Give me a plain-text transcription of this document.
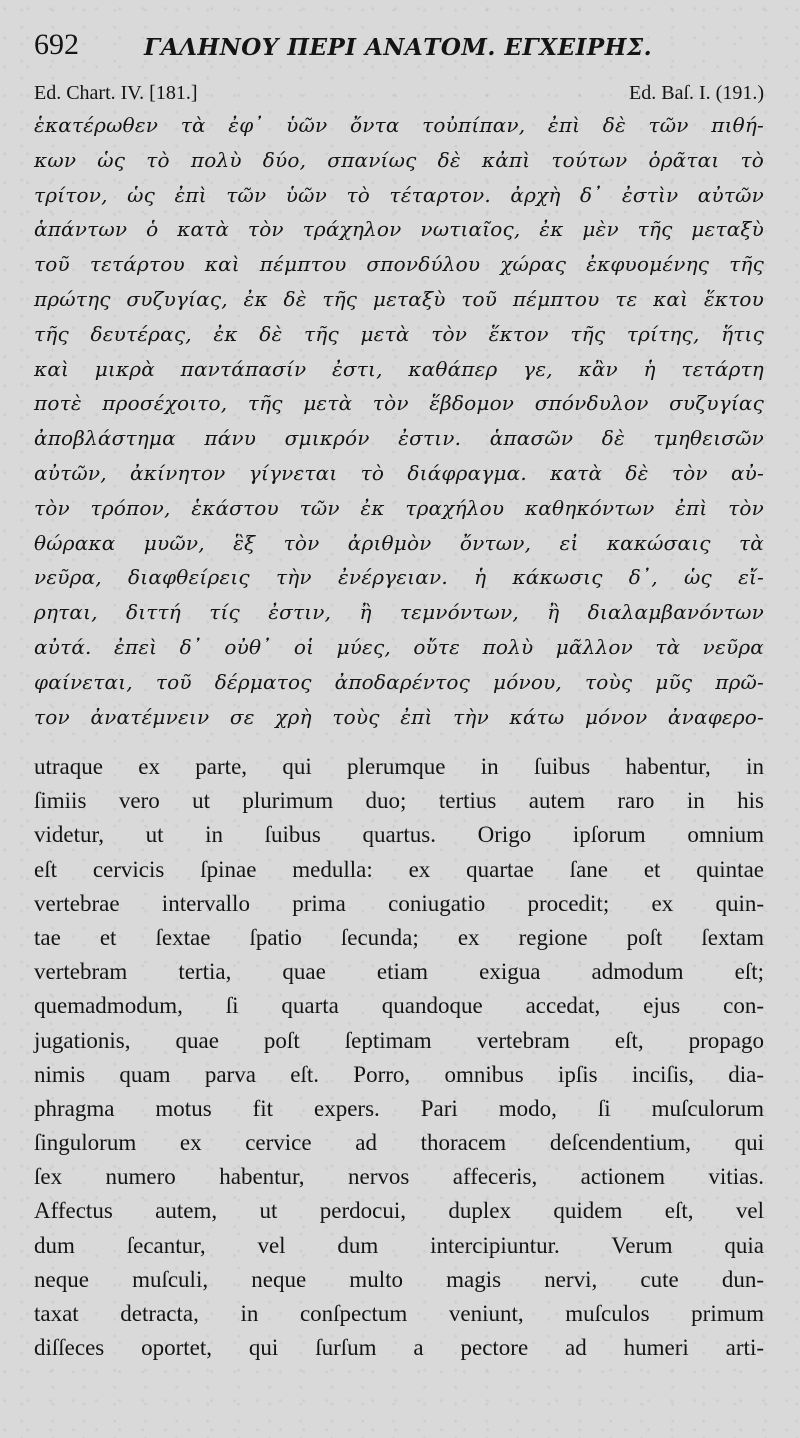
692	ΓΑΛΗΝΟΥ ΠΕΡΙ ΑΝΑΤΟΜ. ΕΓΧΕΙΡΗΣ.
Ed. Chart. IV. [181.]	Ed. Baſ. I. (191.)
ἑκατέρωθεν τὰ ἐφ᾽ ὑῶν ὄντα τοὐπίπαν, ἐπὶ δὲ τῶν πιθή-
κων ὡς τὸ πολὺ δύο, σπανίως δὲ κἀπὶ τούτων ὁρᾶται τὸ
τρίτον, ὡς ἐπὶ τῶν ὑῶν τὸ τέταρτον. ἀρχὴ δ᾽ ἐστὶν αὐτῶν
ἁπάντων ὁ κατὰ τὸν τράχηλον νωτιαῖος, ἐκ μὲν τῆς μεταξὺ
τοῦ τετάρτου καὶ πέμπτου σπονδύλου χώρας ἐκφυομένης τῆς
πρώτης συζυγίας, ἐκ δὲ τῆς μεταξὺ τοῦ πέμπτου τε καὶ ἕκτου
τῆς δευτέρας, ἐκ δὲ τῆς μετὰ τὸν ἕκτον τῆς τρίτης, ἥτις
καὶ μικρὰ παντάπασίν ἐστι, καθάπερ γε, κἂν ἡ τετάρτη
ποτὲ προσέχοιτο, τῆς μετὰ τὸν ἕβδομον σπόνδυλον συζυγίας
ἀποβλάστημα πάνυ σμικρόν ἐστιν. ἁπασῶν δὲ τμηθεισῶν
αὐτῶν, ἀκίνητον γίγνεται τὸ διάφραγμα. κατὰ δὲ τὸν αὐ-
τὸν τρόπον, ἑκάστου τῶν ἐκ τραχήλου καθηκόντων ἐπὶ τὸν
θώρακα μυῶν, ἓξ τὸν ἀριθμὸν ὄντων, εἰ κακώσαις τὰ
νεῦρα, διαφθείρεις τὴν ἐνέργειαν. ἡ κάκωσις δ᾽, ὡς εἴ-
ρηται, διττή τίς ἐστιν, ἢ τεμνόντων, ἢ διαλαμβανόντων
αὐτά. ἐπεὶ δ᾽ οὐθ᾽ οἱ μύες, οὔτε πολὺ μᾶλλον τὰ νεῦρα
φαίνεται, τοῦ δέρματος ἀποδαρέντος μόνου, τοὺς μῦς πρῶ-
τον ἀνατέμνειν σε χρὴ τοὺς ἐπὶ τὴν κάτω μόνον ἀναφερο-
utraque ex parte, qui plerumque in ſuibus habentur, in
ſimiis vero ut plurimum duo; tertius autem raro in his
videtur, ut in ſuibus quartus. Origo ipſorum omnium
eſt cervicis ſpinae medulla: ex quartae ſane et quintae
vertebrae intervallo prima coniugatio procedit; ex quin-
tae et ſextae ſpatio ſecunda; ex regione poſt ſextam
vertebram tertia, quae etiam exigua admodum eſt;
quemadmodum, ſi quarta quandoque accedat, ejus con-
jugationis, quae poſt ſeptimam vertebram eſt, propago
nimis quam parva eſt. Porro, omnibus ipſis inciſis, dia-
phragma motus fit expers. Pari modo, ſi muſculorum
ſingulorum ex cervice ad thoracem deſcendentium, qui
ſex numero habentur, nervos affeceris, actionem vitias.
Affectus autem, ut perdocui, duplex quidem eſt, vel
dum ſecantur, vel dum intercipiuntur. Verum quia
neque muſculi, neque multo magis nervi, cute dun-
taxat detracta, in conſpectum veniunt, muſculos primum
diſſeces oportet, qui ſurſum a pectore ad humeri arti-
